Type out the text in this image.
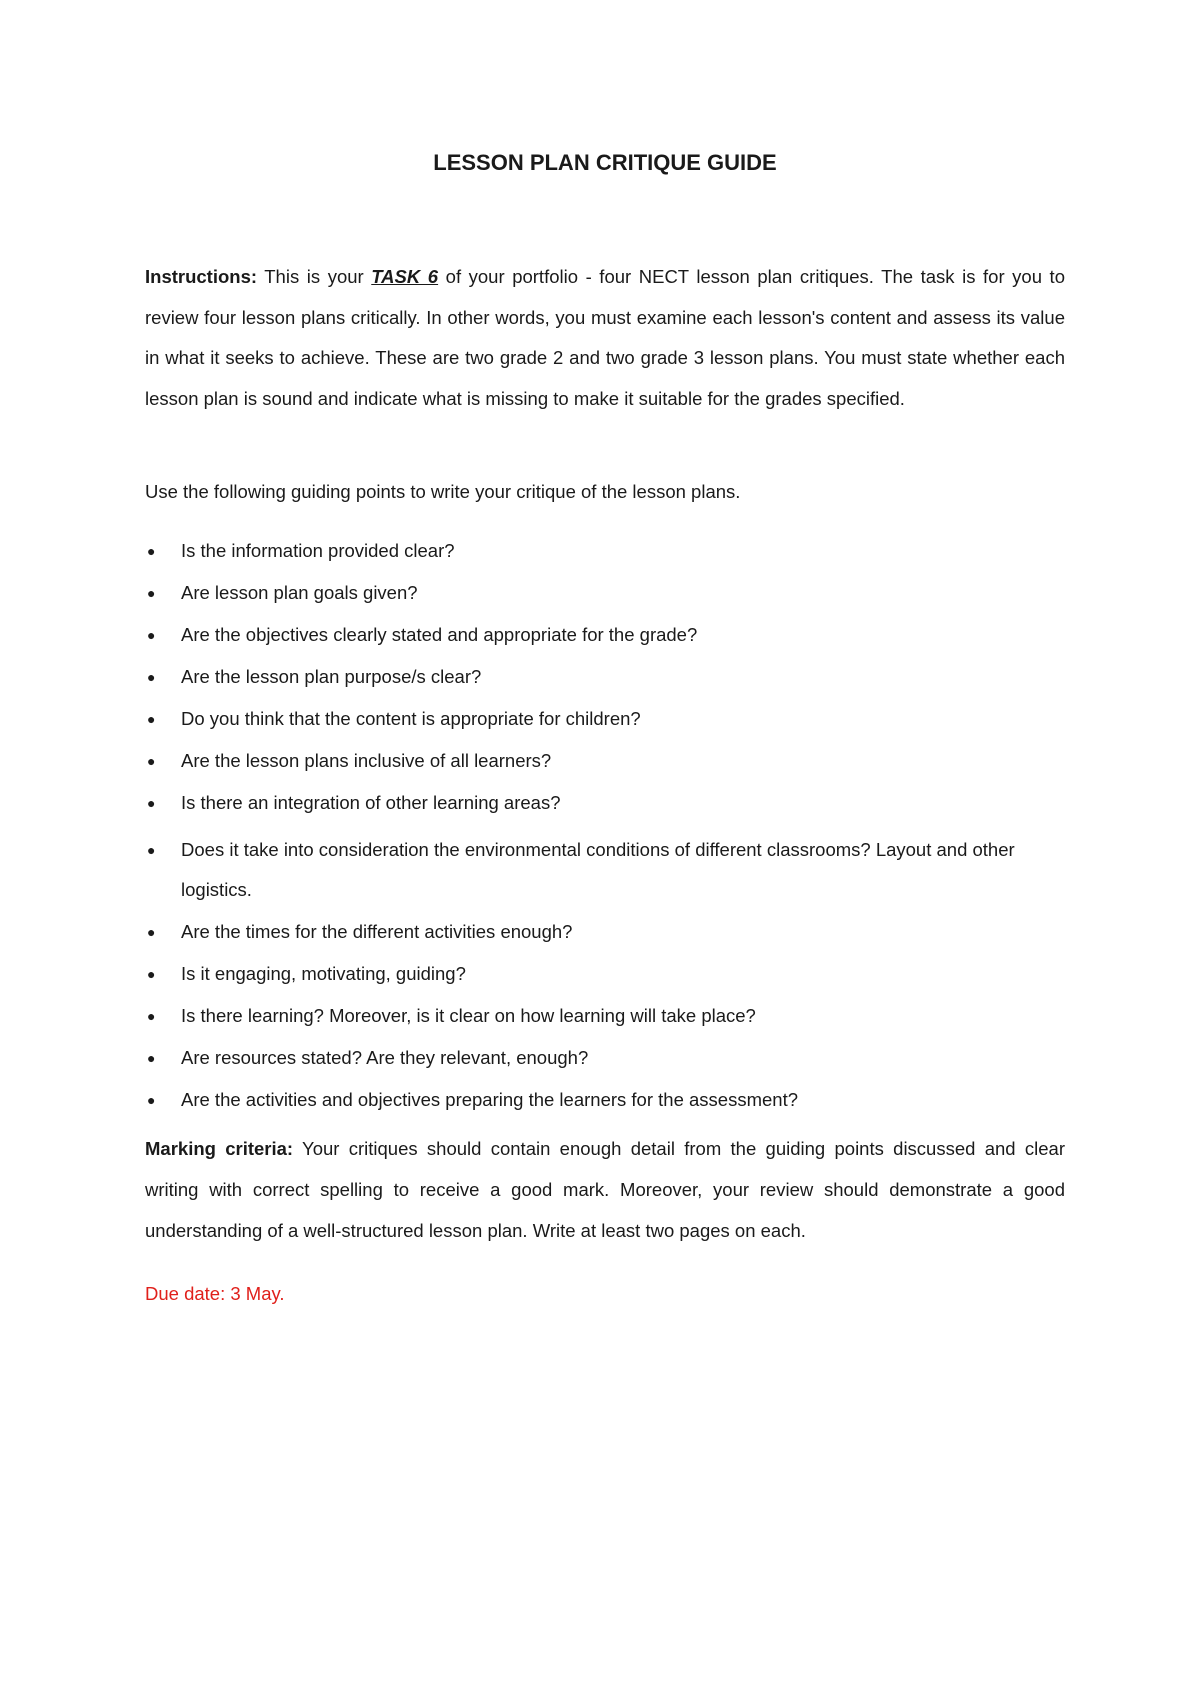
LESSON PLAN CRITIQUE GUIDE

Instructions: This is your TASK 6 of your portfolio - four NECT lesson plan critiques. The task is for you to review four lesson plans critically. In other words, you must examine each lesson's content and assess its value in what it seeks to achieve. These are two grade 2 and two grade 3 lesson plans. You must state whether each lesson plan is sound and indicate what is missing to make it suitable for the grades specified.

Use the following guiding points to write your critique of the lesson plans.

● Is the information provided clear?
● Are lesson plan goals given?
● Are the objectives clearly stated and appropriate for the grade?
● Are the lesson plan purpose/s clear?
● Do you think that the content is appropriate for children?
● Are the lesson plans inclusive of all learners?
● Is there an integration of other learning areas?
● Does it take into consideration the environmental conditions of different classrooms? Layout and other logistics.
● Are the times for the different activities enough?
● Is it engaging, motivating, guiding?
● Is there learning? Moreover, is it clear on how learning will take place?
● Are resources stated? Are they relevant, enough?
● Are the activities and objectives preparing the learners for the assessment?

Marking criteria: Your critiques should contain enough detail from the guiding points discussed and clear writing with correct spelling to receive a good mark. Moreover, your review should demonstrate a good understanding of a well-structured lesson plan. Write at least two pages on each.

Due date: 3 May.
